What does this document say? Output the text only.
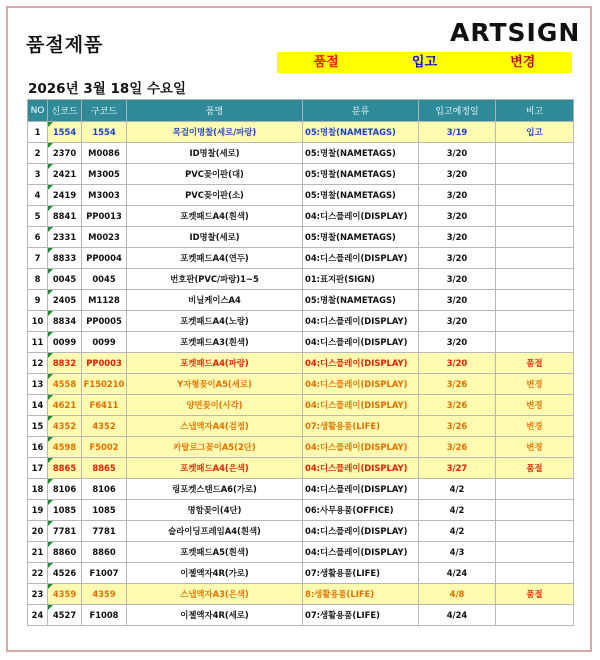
품절제품	ARTSIGN
품절	입고	변경
2026년 3월 18일 수요일
NO	신코드	구코드	품명	분류	입고예정일	비고
1	1554	1554	목걸이명찰(세로/파랑)	05:명찰(NAMETAGS)	3/19	입고
2	2370	M0086	ID명찰(세로)	05:명찰(NAMETAGS)	3/20	
3	2421	M3005	PVC꽂이판(대)	05:명찰(NAMETAGS)	3/20	
4	2419	M3003	PVC꽂이판(소)	05:명찰(NAMETAGS)	3/20	
5	8841	PP0013	포켓패드A4(흰색)	04:디스플레이(DISPLAY)	3/20	
6	2331	M0023	ID명찰(세로)	05:명찰(NAMETAGS)	3/20	
7	8833	PP0004	포켓패드A4(연두)	04:디스플레이(DISPLAY)	3/20	
8	0045	0045	번호판(PVC/파랑)1~5	01:표지판(SIGN)	3/20	
9	2405	M1128	비닐케이스A4	05:명찰(NAMETAGS)	3/20	
10	8834	PP0005	포켓패드A4(노랑)	04:디스플레이(DISPLAY)	3/20	
11	0099	0099	포켓패드A3(흰색)	04:디스플레이(DISPLAY)	3/20	
12	8832	PP0003	포켓패드A4(파랑)	04:디스플레이(DISPLAY)	3/20	품절
13	4558	F150210	Y자형꽂이A5(세로)	04:디스플레이(DISPLAY)	3/26	변경
14	4621	F6411	양면꽂이(사각)	04:디스플레이(DISPLAY)	3/26	변경
15	4352	4352	스냅액자A4(검정)	07:생활용품(LIFE)	3/26	변경
16	4598	F5002	카탈로그꽂이A5(2단)	04:디스플레이(DISPLAY)	3/26	변경
17	8865	8865	포켓패드A4(은색)	04:디스플레이(DISPLAY)	3/27	품절
18	8106	8106	링포켓스탠드A6(가로)	04:디스플레이(DISPLAY)	4/2	
19	1085	1085	명함꽂이(4단)	06:사무용품(OFFICE)	4/2	
20	7781	7781	슬라이딩프레임A4(흰색)	04:디스플레이(DISPLAY)	4/2	
21	8860	8860	포켓패드A5(흰색)	04:디스플레이(DISPLAY)	4/3	
22	4526	F1007	이젤액자4R(가로)	07:생활용품(LIFE)	4/24	
23	4359	4359	스냅액자A3(은색)	8:생활용품(LIFE)	4/8	품절
24	4527	F1008	이젤액자4R(세로)	07:생활용품(LIFE)	4/24	
